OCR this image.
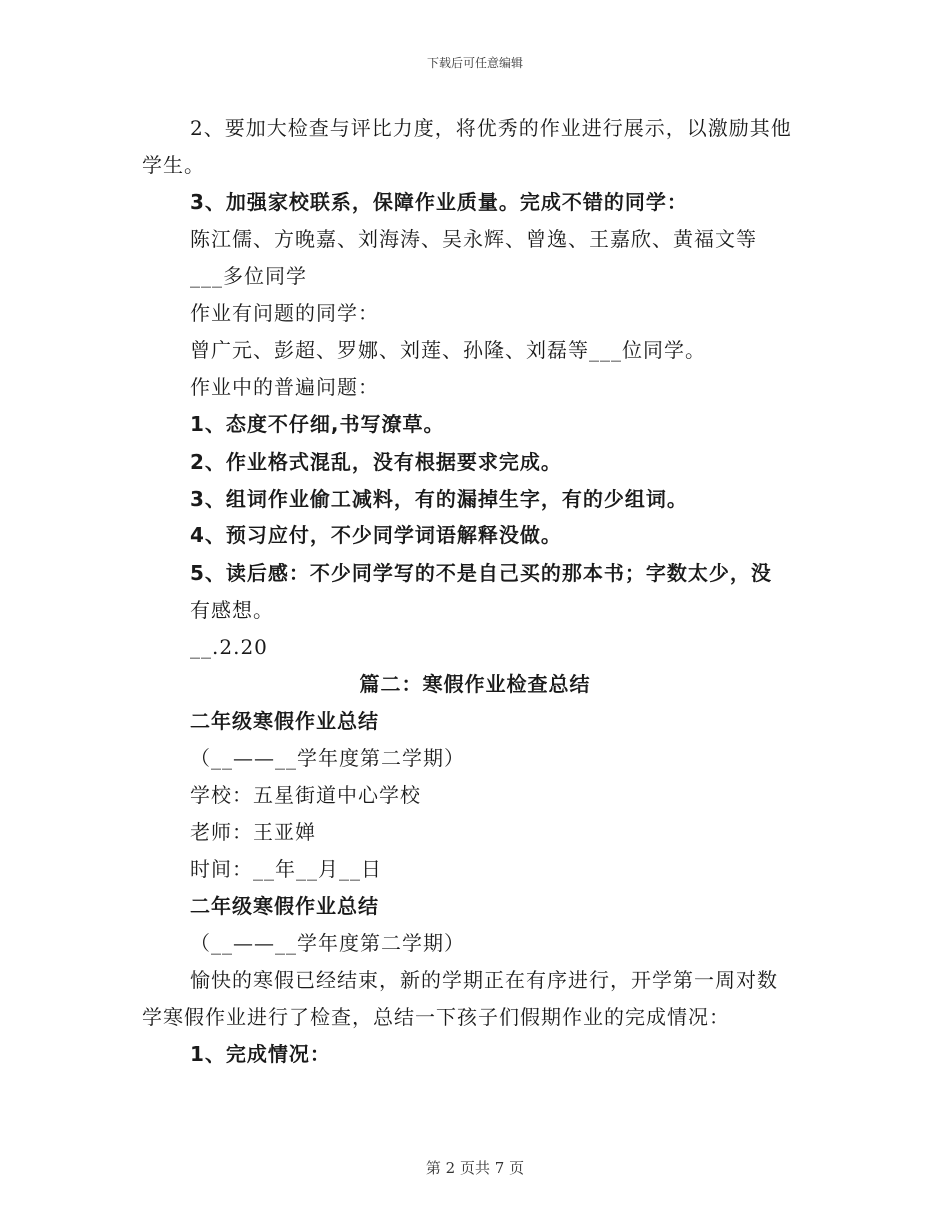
下载后可任意编辑
2、要加大检查与评比力度，将优秀的作业进行展示，以激励其他
学生。
3、加强家校联系，保障作业质量。完成不错的同学：
陈江儒、方晚嘉、刘海涛、吴永辉、曾逸、王嘉欣、黄福文等
___多位同学
作业有问题的同学：
曾广元、彭超、罗娜、刘莲、孙隆、刘磊等___位同学。
作业中的普遍问题：
1、态度不仔细,书写潦草。
2、作业格式混乱，没有根据要求完成。
3、组词作业偷工减料，有的漏掉生字，有的少组词。
4、预习应付，不少同学词语解释没做。
5、读后感：不少同学写的不是自己买的那本书；字数太少，没
有感想。
__.2.20
篇二：寒假作业检查总结
二年级寒假作业总结
（__——__学年度第二学期）
学校：五星街道中心学校
老师：王亚婵
时间：__年__月__日
二年级寒假作业总结
（__——__学年度第二学期）
愉快的寒假已经结束，新的学期正在有序进行，开学第一周对数
学寒假作业进行了检查，总结一下孩子们假期作业的完成情况：
1、完成情况：
第 2 页共 7 页
